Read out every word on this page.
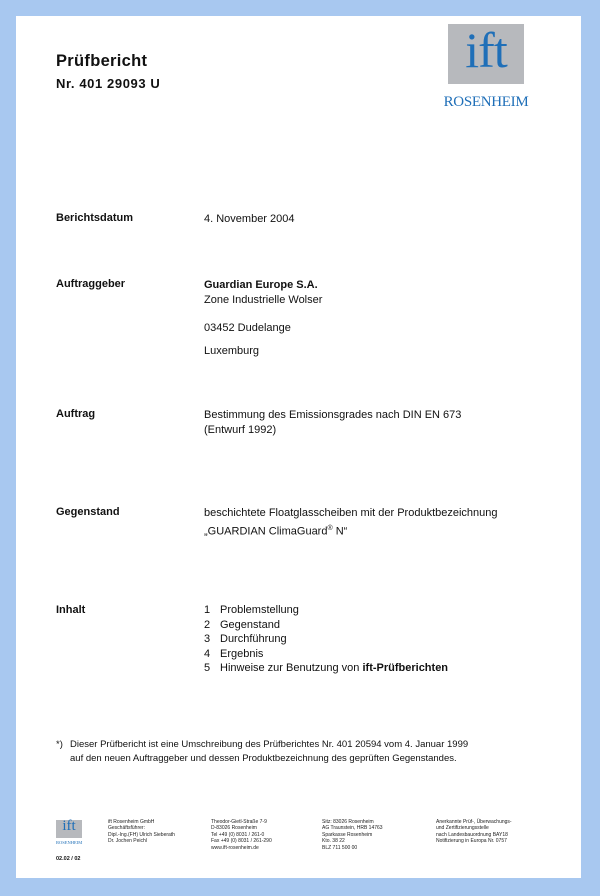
Prüfbericht
Nr. 401 29093 U
ift
ROSENHEIM
Berichtsdatum	4. November 2004
Auftraggeber	Guardian Europe S.A.
Zone Industrielle Wolser
03452 Dudelange
Luxemburg
Auftrag	Bestimmung des Emissionsgrades nach DIN EN 673
(Entwurf 1992)
Gegenstand	beschichtete Floatglasscheiben mit der Produktbezeichnung
„GUARDIAN ClimaGuard® N“
Inhalt	1 Problemstellung
2 Gegenstand
3 Durchführung
4 Ergebnis
5 Hinweise zur Benutzung von ift-Prüfberichten
*) Dieser Prüfbericht ist eine Umschreibung des Prüfberichtes Nr. 401 20594 vom 4. Januar 1999
auf den neuen Auftraggeber und dessen Produktbezeichnung des geprüften Gegenstandes.
ift
ROSENHEIM
02.02 / 02
ift Rosenheim GmbH
Geschäftsführer:
Dipl.-Ing.(FH) Ulrich Sieberath
Dr. Jochen Peichl
Theodor-Gietl-Straße 7-9
D-83026 Rosenheim
Tel +49 (0) 8031 / 261-0
Fax +49 (0) 8031 / 261-290
www.ift-rosenheim.de
Sitz: 83026 Rosenheim
AG Traunstein, HRB 14763
Sparkasse Rosenheim
Kto. 38 22
BLZ 711 500 00
Anerkannte Prüf-, Überwachungs-
und Zertifizierungsstelle
nach Landesbauordnung BAY18
Notifizierung in Europa Nr. 0757
